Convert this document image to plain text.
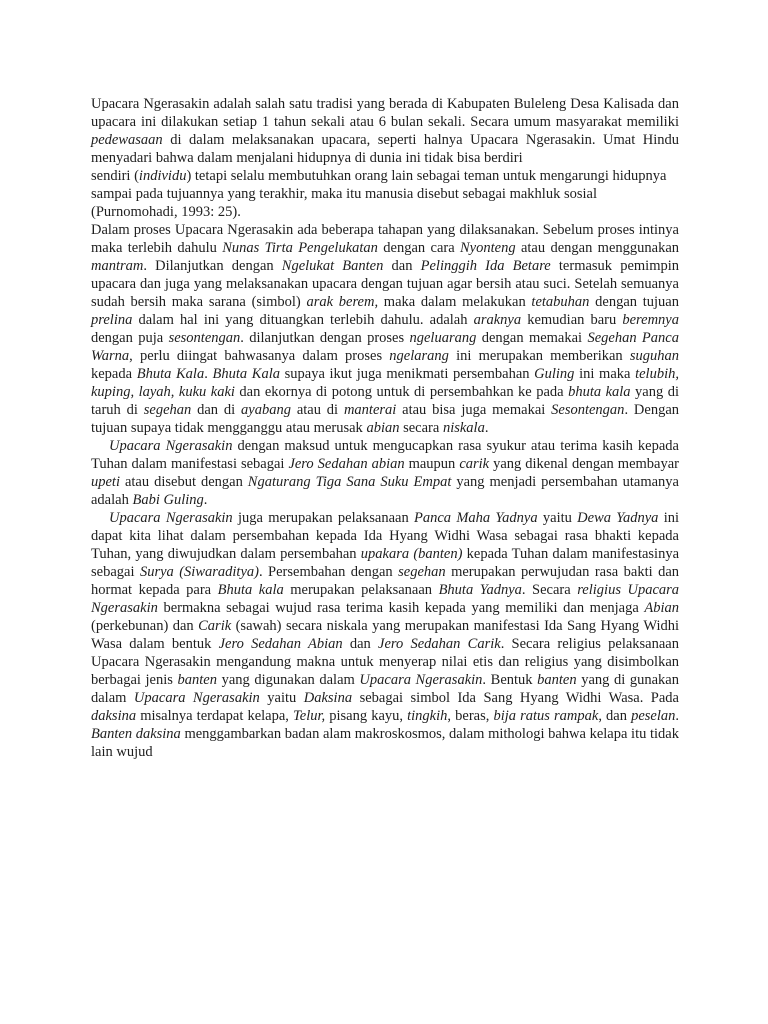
Upacara Ngerasakin adalah salah satu tradisi yang berada di Kabupaten Buleleng Desa Kalisada dan upacara ini dilakukan setiap 1 tahun sekali atau 6 bulan sekali. Secara umum masyarakat memiliki pedewasaan di dalam melaksanakan upacara, seperti halnya Upacara Ngerasakin. Umat Hindu menyadari bahwa dalam menjalani hidupnya di dunia ini tidak bisa berdiri

sendiri (individu) tetapi selalu membutuhkan orang lain sebagai teman untuk mengarungi hidupnya sampai pada tujuannya yang terakhir, maka itu manusia disebut sebagai makhluk sosial (Purnomohadi, 1993: 25).

Dalam proses Upacara Ngerasakin ada beberapa tahapan yang dilaksanakan. Sebelum proses intinya maka terlebih dahulu Nunas Tirta Pengelukatan dengan cara Nyonteng atau dengan menggunakan mantram. Dilanjutkan dengan Ngelukat Banten dan Pelinggih Ida Betare termasuk pemimpin upacara dan juga yang melaksanakan upacara dengan tujuan agar bersih atau suci. Setelah semuanya sudah bersih maka sarana (simbol) arak berem, maka dalam melakukan tetabuhan dengan tujuan prelina dalam hal ini yang dituangkan terlebih dahulu. adalah araknya kemudian baru beremnya dengan puja sesontengan. dilanjutkan dengan proses ngeluarang dengan memakai Segehan Panca Warna, perlu diingat bahwasanya dalam proses ngelarang ini merupakan memberikan suguhan kepada Bhuta Kala. Bhuta Kala supaya ikut juga menikmati persembahan Guling ini maka telubih, kuping, layah, kuku kaki dan ekornya di potong untuk di persembahkan ke pada bhuta kala yang di taruh di segehan dan di ayabang atau di manterai atau bisa juga memakai Sesontengan. Dengan tujuan supaya tidak mengganggu atau merusak abian secara niskala.

Upacara Ngerasakin dengan maksud untuk mengucapkan rasa syukur atau terima kasih kepada Tuhan dalam manifestasi sebagai Jero Sedahan abian maupun carik yang dikenal dengan membayar upeti atau disebut dengan Ngaturang Tiga Sana Suku Empat yang menjadi persembahan utamanya adalah Babi Guling.

Upacara Ngerasakin juga merupakan pelaksanaan Panca Maha Yadnya yaitu Dewa Yadnya ini dapat kita lihat dalam persembahan kepada Ida Hyang Widhi Wasa sebagai rasa bhakti kepada Tuhan, yang diwujudkan dalam persembahan upakara (banten) kepada Tuhan dalam manifestasinya sebagai Surya (Siwaraditya). Persembahan dengan segehan merupakan perwujudan rasa bakti dan hormat kepada para Bhuta kala merupakan pelaksanaan Bhuta Yadnya. Secara religius Upacara Ngerasakin bermakna sebagai wujud rasa terima kasih kepada yang memiliki dan menjaga Abian (perkebunan) dan Carik (sawah) secara niskala yang merupakan manifestasi Ida Sang Hyang Widhi Wasa dalam bentuk Jero Sedahan Abian dan Jero Sedahan Carik. Secara religius pelaksanaan Upacara Ngerasakin mengandung makna untuk menyerap nilai etis dan religius yang disimbolkan berbagai jenis banten yang digunakan dalam Upacara Ngerasakin. Bentuk banten yang di gunakan dalam Upacara Ngerasakin yaitu Daksina sebagai simbol Ida Sang Hyang Widhi Wasa. Pada daksina misalnya terdapat kelapa, Telur, pisang kayu, tingkih, beras, bija ratus rampak, dan peselan. Banten daksina menggambarkan badan alam makroskosmos, dalam mithologi bahwa kelapa itu tidak lain wujud
